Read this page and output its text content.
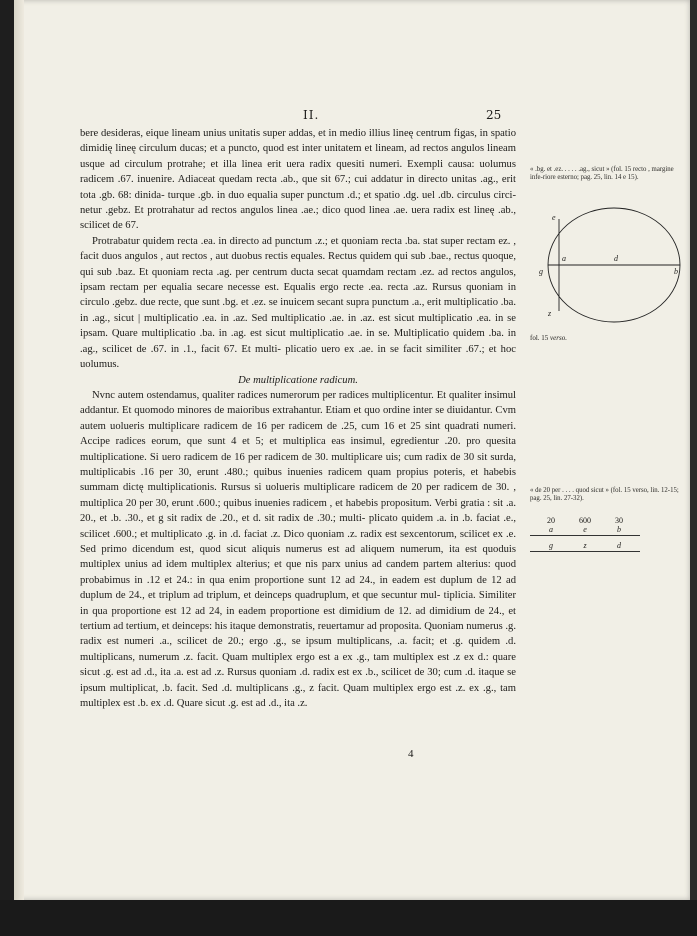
II.	25

bere desideras, eique lineam unius unitatis super addas, et in medio illius lineę centrum figas, in spatio dimidię lineę circulum ducas; et a puncto, quod est inter unitatem et lineam, ad rectos angulos lineam usque ad circulum protrahe; et illa linea erit uera radix quesiti numeri. Exempli causa: uolumus radicem .67. inuenire. Adiaceat quedam recta .ab., que sit 67.; cui addatur in directo unitas .ag., erit tota .gb. 68: dinida- turque .gb. in duo equalia super punctum .d.; et spatio .dg. uel .db. circulus circi- netur .gebz. Et protrahatur ad rectos angulos linea .ae.; dico quod linea .ae. uera radix est lineę .ab., scilicet de 67.

Protrabatur quidem recta .ea. in directo ad punctum .z.; et quoniam recta .ba. stat super rectam ez. , facit duos angulos , aut rectos , aut duobus rectis equales. Rectus quidem qui sub .bae., rectus quoque, qui sub .baz. Et quoniam recta .ag. per centrum ducta secat quamdam rectam .ez. ad rectos angulos, ipsam rectam per equalia secare necesse est. Equalis ergo recte .ea. recta .az. Rursus quoniam in circulo .gebz. due recte, que sunt .bg. et .ez. se inuicem secant supra punctum .a., erit multiplicatio .ba. in .ag., sicut | multiplicatio .ea. in .az. Sed multiplicatio .ae. in .az. est sicut multiplicatio .ea. in se ipsam. Quare multiplicatio .ba. in .ag. est sicut multiplicatio .ae. in se. Multiplicatio quidem .ba. in .ag., scilicet de .67. in .1., facit 67. Et multi- plicatio uero ex .ae. in se facit similiter .67.; et hoc uolumus.

De multiplicatione radicum.

Nvnc autem ostendamus, qualiter radices numerorum per radices multiplicentur. Et qualiter insimul addantur. Et quomodo minores de maioribus extrahantur. Etiam et quo ordine inter se diuidantur. Cvm autem uolueris multiplicare radicem de 16 per radicem de .25, cum 16 et 25 sint quadrati numeri. Accipe radices eorum, que sunt 4 et 5; et multiplica eas insimul, egredientur .20. pro quesita multiplicatione. Si uero radicem de 16 per radicem de 30. multiplicare uis; cum radix de 30 sit surda, multiplicabis .16 per 30, erunt .480.; quibus inuenies radicem quam propius poteris, et habebis summam dictę multiplicationis. Rursus si uolueris multiplicare radicem de 20 per radicem de 30. , multiplica 20 per 30, erunt .600.; quibus inuenies radicem , et habebis propositum. Verbi gratia : sit .a. 20., et .b. .30., et g sit radix de .20., et d. sit radix de .30.; multi- plicato quidem .a. in .b. faciat .e., scilicet .600.; et multiplicato .g. in .d. faciat .z. Dico quoniam .z. radix est sexcentorum, scilicet ex .e. Sed primo dicendum est, quod sicut aliquis numerus est ad aliquem numerum, ita est quoduis multiplex unius ad idem multiplex alterius; et que nis parx unius ad candem partem alterius: quod probabimus in .12 et 24.: in qua enim proportione sunt 12 ad 24., in eadem est duplum de 12 ad duplum de 24., et triplum ad triplum, et deinceps quadruplum, et que secuntur mul- tiplicia. Similiter in qua proportione est 12 ad 24, in eadem proportione est dimidium de 12. ad dimidium de 24., et tertium ad tertium, et deinceps: his itaque demonstratis, reuertamur ad proposita. Quoniam numerus .g. radix est numeri .a., scilicet de 20.; ergo .g., se ipsum multiplicans, .a. facit; et .g. quidem .d. multiplicans, numerum .z. facit. Quam multiplex ergo est a ex .g., tam multiplex est .z ex d.: quare sicut .g. est ad .d., ita .a. est ad .z. Rursus quoniam .d. radix est ex .b., scilicet de 30; cum .d. itaque se ipsum multiplicat, .b. facit. Sed .d. multiplicans .g., z facit. Quam multiplex ergo est .z. ex .g., tam multiplex est .b. ex .d. Quare sicut .g. est ad .d., ita .z.

4
« .bg. et .ez. . . . . .ag., sicut » (fol. 15 recto , margine infe-riore esterno; pag. 25, lin. 14 e 15).
e
a	d
b
g
z
fol. 15 verso.
« de 20 per . . . . quod sicut » (fol. 15 verso, lin. 12-15; pag. 25, lin. 27-32).
20	600	30
a	e	b
g	z	d
